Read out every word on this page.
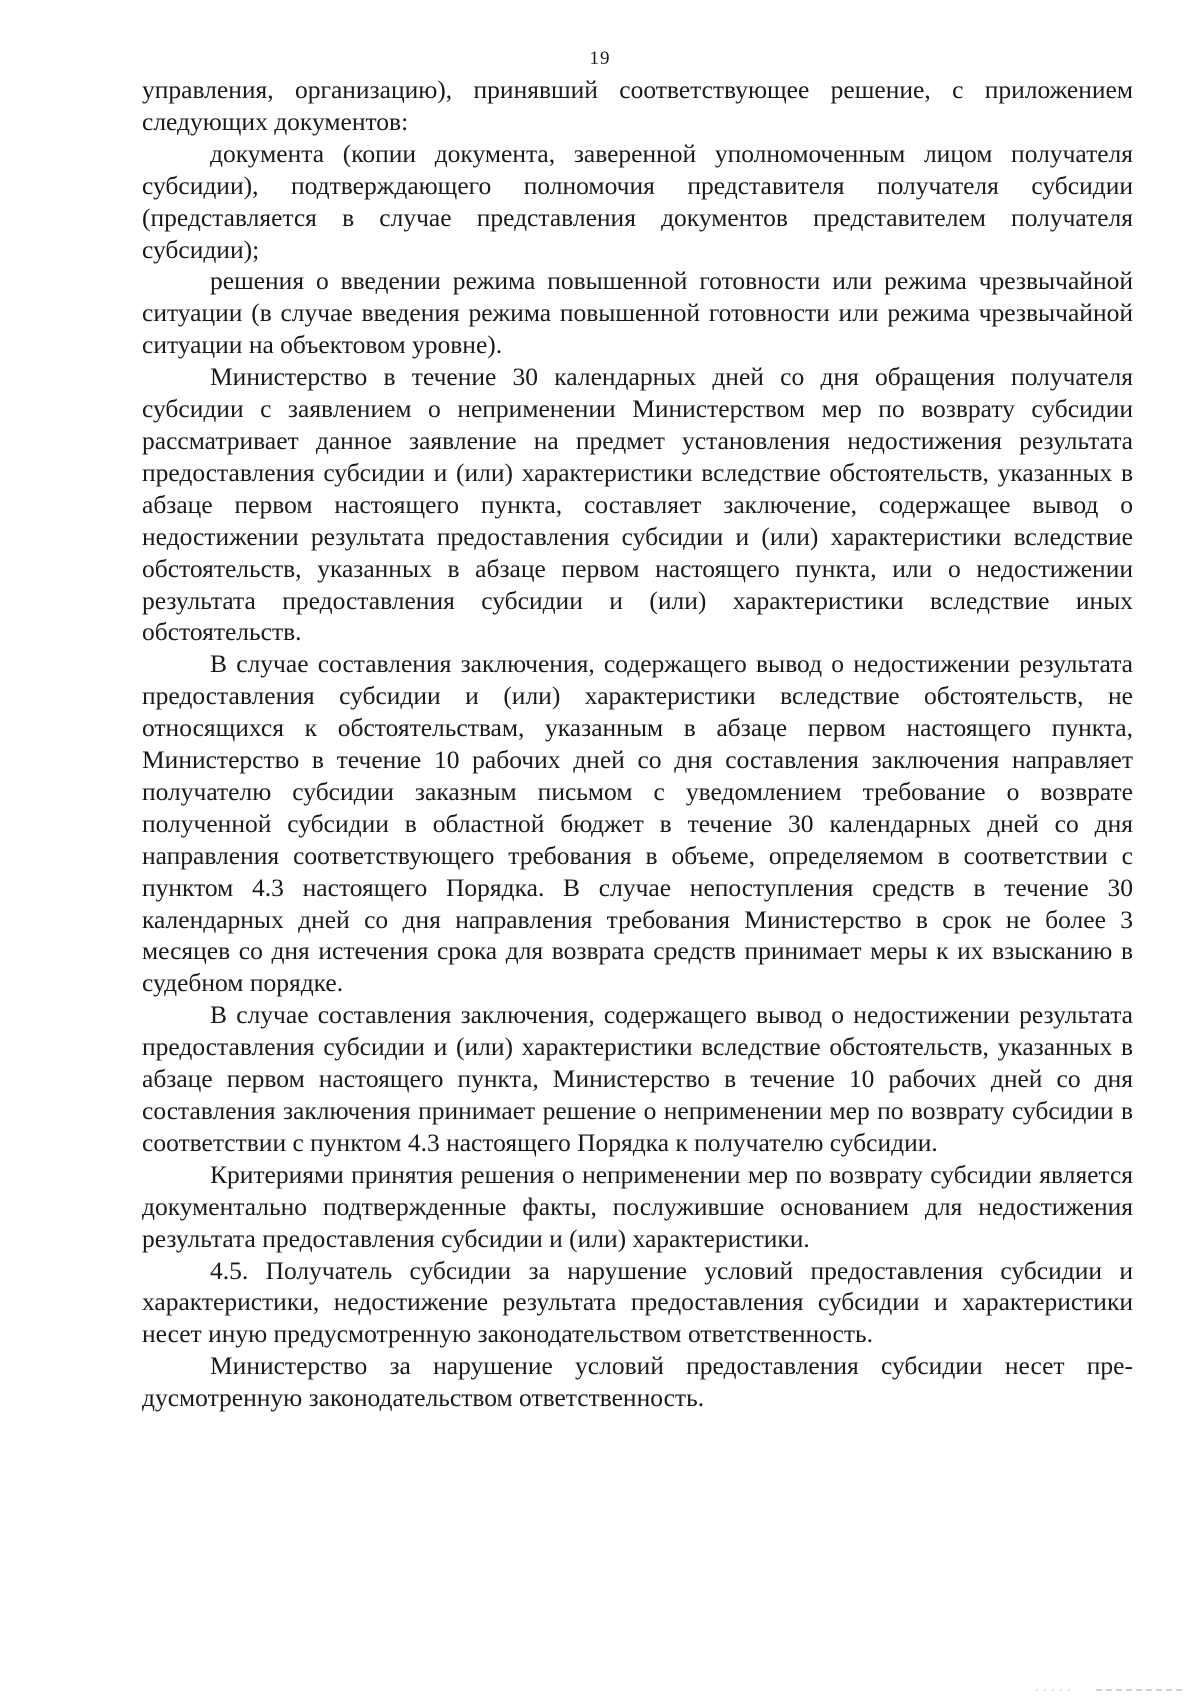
19

управления, организацию), принявший соответствующее решение, с приложением следующих документов:

документа (копии документа, заверенной уполномоченным лицом получателя субсидии), подтверждающего полномочия представителя получателя субсидии (представляется в случае представления документов представителем получателя субсидии);

решения о введении режима повышенной готовности или режима чрезвычайной ситуации (в случае введения режима повышенной готовности или режима чрезвычайной ситуации на объектовом уровне).

Министерство в течение 30 календарных дней со дня обращения получателя субсидии с заявлением о неприменении Министерством мер по возврату субсидии рассматривает данное заявление на предмет установления недостижения результата предоставления субсидии и (или) характеристики вследствие обстоятельств, указанных в абзаце первом настоящего пункта, составляет заключение, содержащее вывод о недостижении результата предоставления субсидии и (или) характеристики вследствие обстоятельств, указанных в абзаце первом настоящего пункта, или о недостижении результата предоставления субсидии и (или) характеристики вследствие иных обстоятельств.

В случае составления заключения, содержащего вывод о недостижении результата предоставления субсидии и (или) характеристики вследствие обстоятельств, не относящихся к обстоятельствам, указанным в абзаце первом настоящего пункта, Министерство в течение 10 рабочих дней со дня составления заключения направляет получателю субсидии заказным письмом с уведомлением требование о возврате полученной субсидии в областной бюджет в течение 30 календарных дней со дня направления соответствующего требования в объеме, определяемом в соответствии с пунктом 4.3 настоящего Порядка. В случае непоступления средств в течение 30 календарных дней со дня направления требования Министерство в срок не более 3 месяцев со дня истечения срока для возврата средств принимает меры к их взысканию в судебном порядке.

В случае составления заключения, содержащего вывод о недостижении результата предоставления субсидии и (или) характеристики вследствие обстоятельств, указанных в абзаце первом настоящего пункта, Министерство в течение 10 рабочих дней со дня составления заключения принимает решение о неприменении мер по возврату субсидии в соответствии с пунктом 4.3 настоящего Порядка к получателю субсидии.

Критериями принятия решения о неприменении мер по возврату субсидии является документально подтвержденные факты, послужившие основанием для недостижения результата предоставления субсидии и (или) характеристики.

4.5. Получатель субсидии за нарушение условий предоставления субсидии и характеристики, недостижение результата предоставления субсидии и характеристики несет иную предусмотренную законодательством ответственность.

Министерство за нарушение условий предоставления субсидии несет предусмотренную законодательством ответственность.
